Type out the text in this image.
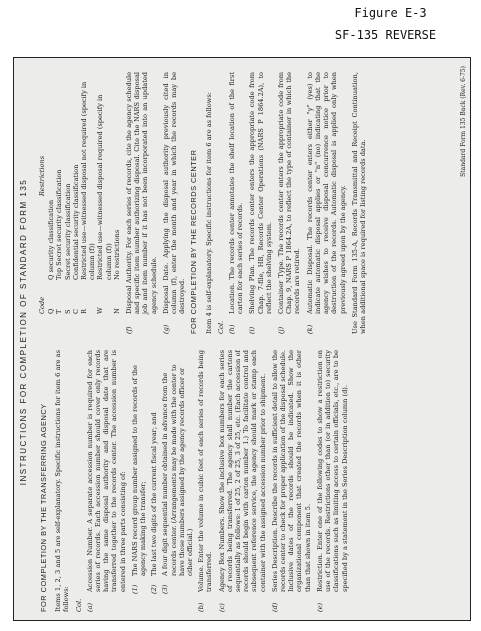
Figure E-3
SF-135 REVERSE
INSTRUCTIONS FOR COMPLETION OF STANDARD FORM 135
FOR COMPLETION BY THE TRANSFERRING AGENCY Items 1, 2, 3 and 5 are self-explanatory. Specific instructions for item 6 are as follows: Col. (a)
Accession Number. A separate accession number is required for each series of records. Each accession number should cover only records having the same disposal authority and disposal date that are transferred together to the records center. The accession number is entered in three parts consisting of: (1)
The NARS record group number assigned to the records of the agency making the transfer;
(2)
The last two digits of the current fiscal year; and
(3)
A four digit sequential number obtained in advance from the records center. (Arrangements may be made with the center to have those numbers assigned by the agency records officer or other official.)
(b)
Volume. Enter the volume in cubic feet of each series of records being transferred.
(c)
Agency Box Numbers. Show the inclusive box numbers for each series of records being transferred. The agency shall number the cartons sequentially as follows: 1 of 25, 2 of 25, 3 of 25, etc. (Each accession of records should begin with carton number 1.) To facilitate control and subsequent reference service, the agency should mark or stamp each container with the assigned accession number prior to shipment.
(d)
Series Description. Describe the records in sufficient detail to allow the records center to check for proper application of the disposal schedule. Inclusive dates of the records should be indicated. Show the organizational component that created the records when it is other than that shown in item 5.
(e)
Restriction. Enter one of the following codes to show a restriction on use of the records. Restrictions other than (or in addition to) security classifications such as limiting access to certain officials, etc., are to be specified by a statement in the Series Description column (d).
Code
Restrictions
Q
Q security classification
T
Top Secret security classification
S
Secret security classification
C
Confidential security classification
R
Restricted use—witnessed disposal not required (specify in column (f))
W
Restricted use—witnessed disposal required (specify in column (f))
N
No restrictions
(f)
Disposal Authority. For each series of records, cite the agency schedule and specific item number authorizing disposal. Cite the NARS disposal job and item number if it has not been incorporated into an updated agency schedule.
(g)
Disposal Date. Applying the disposal authority previously cited in column (f), enter the month and year in which the records may be destroyed. FOR COMPLETION BY THE RECORDS CENTER Item 4 is self-explanatory. Specific instructions for item 6 are as follows: Col. (h)
Location. The records center annotates the shelf location of the first carton for each series of records.
(i)
Shelving Plan. The records center enters the appropriate code from Chap. 7-file, HB, Records Center Operations (NARS P 1864.2A), to reflect the shelving system.
(j)
Container Type. The records center enters the appropriate code from Chap. 9, NARS P 1864.2A, to reflect the type of container in which the records are retired.
(k)
Automatic Disposal. The records center enters either "y" (yes) to indicate automatic disposal applies or "n" (no) indicating that the agency wishes to receive disposal concurrence notice prior to destruction of the records. Automatic disposal is applied only when previously agreed upon by the agency. Use Standard Form 135-A, Records Transmittal and Receipt Continuation, when additional space is required for listing records data.
Standard Form 135 Back (Rev. 6-75)
